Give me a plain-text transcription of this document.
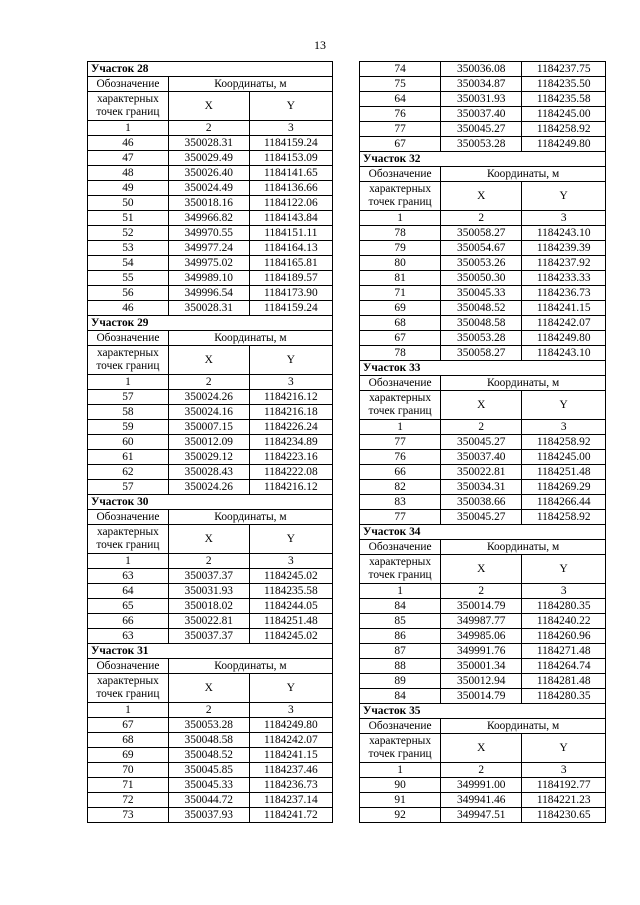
13
Участок 28		
Обозначение	Координаты, м	
характерных точек границ	X	Y
1	2	3
46	350028.31	1184159.24
47	350029.49	1184153.09
48	350026.40	1184141.65
49	350024.49	1184136.66
50	350018.16	1184122.06
51	349966.82	1184143.84
52	349970.55	1184151.11
53	349977.24	1184164.13
54	349975.02	1184165.81
55	349989.10	1184189.57
56	349996.54	1184173.90
46	350028.31	1184159.24
Участок 29		
Обозначение	Координаты, м	
характерных точек границ	X	Y
1	2	3
57	350024.26	1184216.12
58	350024.16	1184216.18
59	350007.15	1184226.24
60	350012.09	1184234.89
61	350029.12	1184223.16
62	350028.43	1184222.08
57	350024.26	1184216.12
Участок 30		
Обозначение	Координаты, м	
характерных точек границ	X	Y
1	2	3
63	350037.37	1184245.02
64	350031.93	1184235.58
65	350018.02	1184244.05
66	350022.81	1184251.48
63	350037.37	1184245.02
Участок 31		
Обозначение	Координаты, м	
характерных точек границ	X	Y
1	2	3
67	350053.28	1184249.80
68	350048.58	1184242.07
69	350048.52	1184241.15
70	350045.85	1184237.46
71	350045.33	1184236.73
72	350044.72	1184237.14
73	350037.93	1184241.72
74	350036.08	1184237.75
75	350034.87	1184235.50
64	350031.93	1184235.58
76	350037.40	1184245.00
77	350045.27	1184258.92
67	350053.28	1184249.80
Участок 32		
Обозначение	Координаты, м	
характерных точек границ	X	Y
1	2	3
78	350058.27	1184243.10
79	350054.67	1184239.39
80	350053.26	1184237.92
81	350050.30	1184233.33
71	350045.33	1184236.73
69	350048.52	1184241.15
68	350048.58	1184242.07
67	350053.28	1184249.80
78	350058.27	1184243.10
Участок 33		
Обозначение	Координаты, м	
характерных точек границ	X	Y
1	2	3
77	350045.27	1184258.92
76	350037.40	1184245.00
66	350022.81	1184251.48
82	350034.31	1184269.29
83	350038.66	1184266.44
77	350045.27	1184258.92
Участок 34		
Обозначение	Координаты, м	
характерных точек границ	X	Y
1	2	3
84	350014.79	1184280.35
85	349987.77	1184240.22
86	349985.06	1184260.96
87	349991.76	1184271.48
88	350001.34	1184264.74
89	350012.94	1184281.48
84	350014.79	1184280.35
Участок 35		
Обозначение	Координаты, м	
характерных точек границ	X	Y
1	2	3
90	349991.00	1184192.77
91	349941.46	1184221.23
92	349947.51	1184230.65
